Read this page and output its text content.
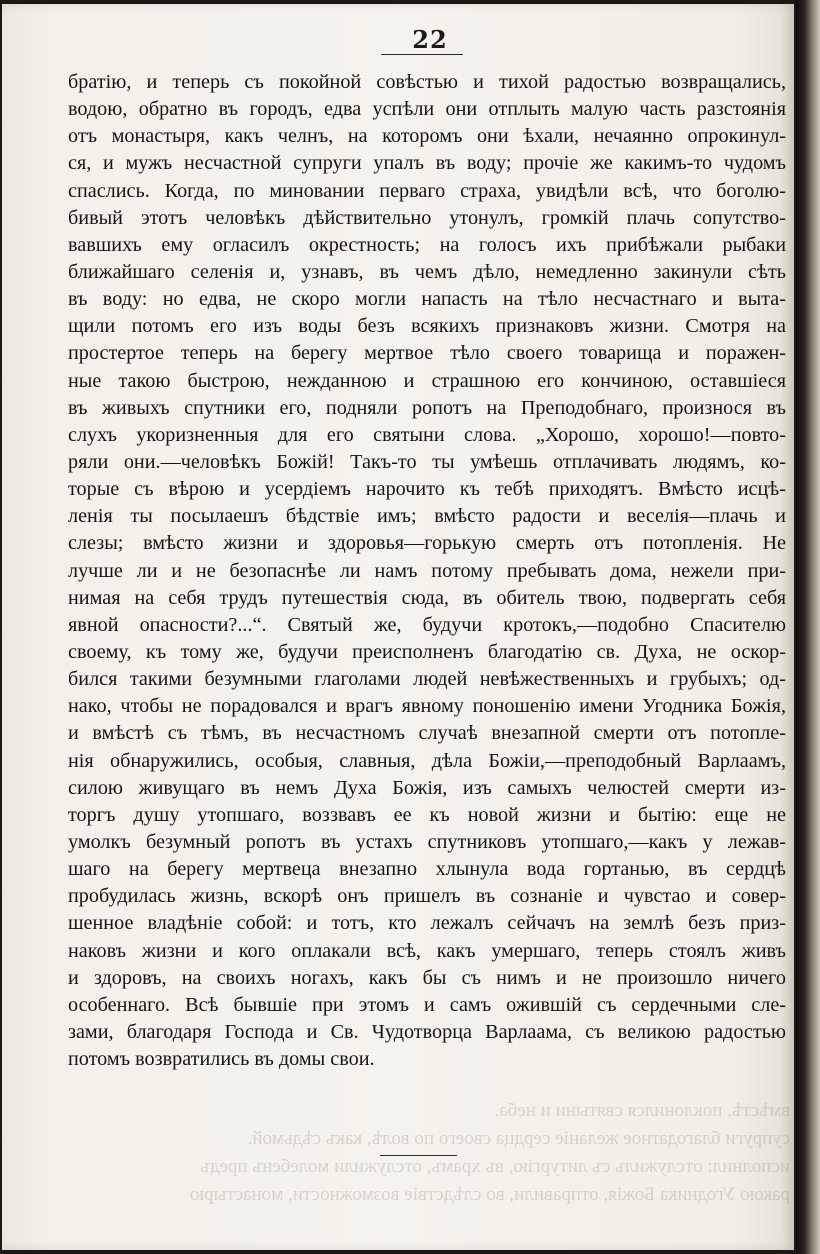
22
братію, и теперь съ покойной совѣстью и тихой радостью возвращались,
водою, обратно въ городъ, едва успѣли они отплыть малую часть разстоянія
отъ монастыря, какъ челнъ, на которомъ они ѣхали, нечаянно опрокинул-
ся, и мужъ несчастной супруги упалъ въ воду; прочіе же какимъ-то чудомъ
спаслись. Когда, по миновании перваго страха, увидѣли всѣ, что боголю-
бивый этотъ человѣкъ дѣйствительно утонулъ, громкій плачь сопутство-
вавшихъ ему огласилъ окрестность; на голосъ ихъ прибѣжали рыбаки
ближайшаго селенія и, узнавъ, въ чемъ дѣло, немедленно закинули сѣть
въ воду: но едва, не скоро могли напасть на тѣло несчастнаго и выта-
щили потомъ его изъ воды безъ всякихъ признаковъ жизни. Смотря на
простертое теперь на берегу мертвое тѣло своего товарища и поражен-
ные такою быстрою, нежданною и страшною его кончиною, оставшіеся
въ живыхъ спутники его, подняли ропотъ на Преподобнаго, произнося въ
слухъ укоризненныя для его святыни слова. „Хорошо, хорошо!—повто-
ряли они.—человѣкъ Божій! Такъ-то ты умѣешь отплачивать людямъ, ко-
торые съ вѣрою и усердіемъ нарочито къ тебѣ приходятъ. Вмѣсто исцѣ-
ленія ты посылаешъ бѣдствіе имъ; вмѣсто радости и веселія—плачь и
слезы; вмѣсто жизни и здоровья—горькую смерть отъ потопленія. Не
лучше ли и не безопаснѣе ли намъ потому пребывать дома, нежели при-
нимая на себя трудъ путешествія сюда, въ обитель твою, подвергать себя
явной опасности?...“. Святый же, будучи кротокъ,—подобно Спасителю
своему, къ тому же, будучи преисполненъ благодатію св. Духа, не оскор-
бился такими безумными глаголами людей невѣжественныхъ и грубыхъ; од-
нако, чтобы не порадовался и врагъ явному поношенію имени Угодника Божія,
и вмѣстѣ съ тѣмъ, въ несчастномъ случаѣ внезапной смерти отъ потопле-
нія обнаружились, особыя, славныя, дѣла Божіи,—преподобный Варлаамъ,
силою живущаго въ немъ Духа Божія, изъ самыхъ челюстей смерти из-
торгъ душу утопшаго, воззвавъ ее къ новой жизни и бытію: еще не
умолкъ безумный ропотъ въ устахъ спутниковъ утопшаго,—какъ у лежав-
шаго на берегу мертвеца внезапно хлынула вода гортанью, въ сердцѣ
пробудилась жизнь, вскорѣ онъ пришелъ въ сознаніе и чувстао и совер-
шенное владѣніе собой: и тотъ, кто лежалъ сейчачъ на землѣ безъ приз-
наковъ жизни и кого оплакали всѣ, какъ умершаго, теперь стоялъ живъ
и здоровъ, на своихъ ногахъ, какъ бы съ нимъ и не произошло ничего
особеннаго. Всѣ бывшіе при этомъ и самъ ожившій съ сердечными сле-
зами, благодаря Господа и Св. Чудотворца Варлаама, съ великою радостью
потомъ возвратились въ домы свои.
вмѣстѣ, поклонился святыни и неба.
супруги благодатное желаніе сердца своего по волѣ, какъ сѣдьмой.
исполнил: отслужилъ съ литургію, въ храмъ, отслужили молебенъ предъ
ракою Угодника Божія, отправили, во слѣдствіе возможности, монастырю
